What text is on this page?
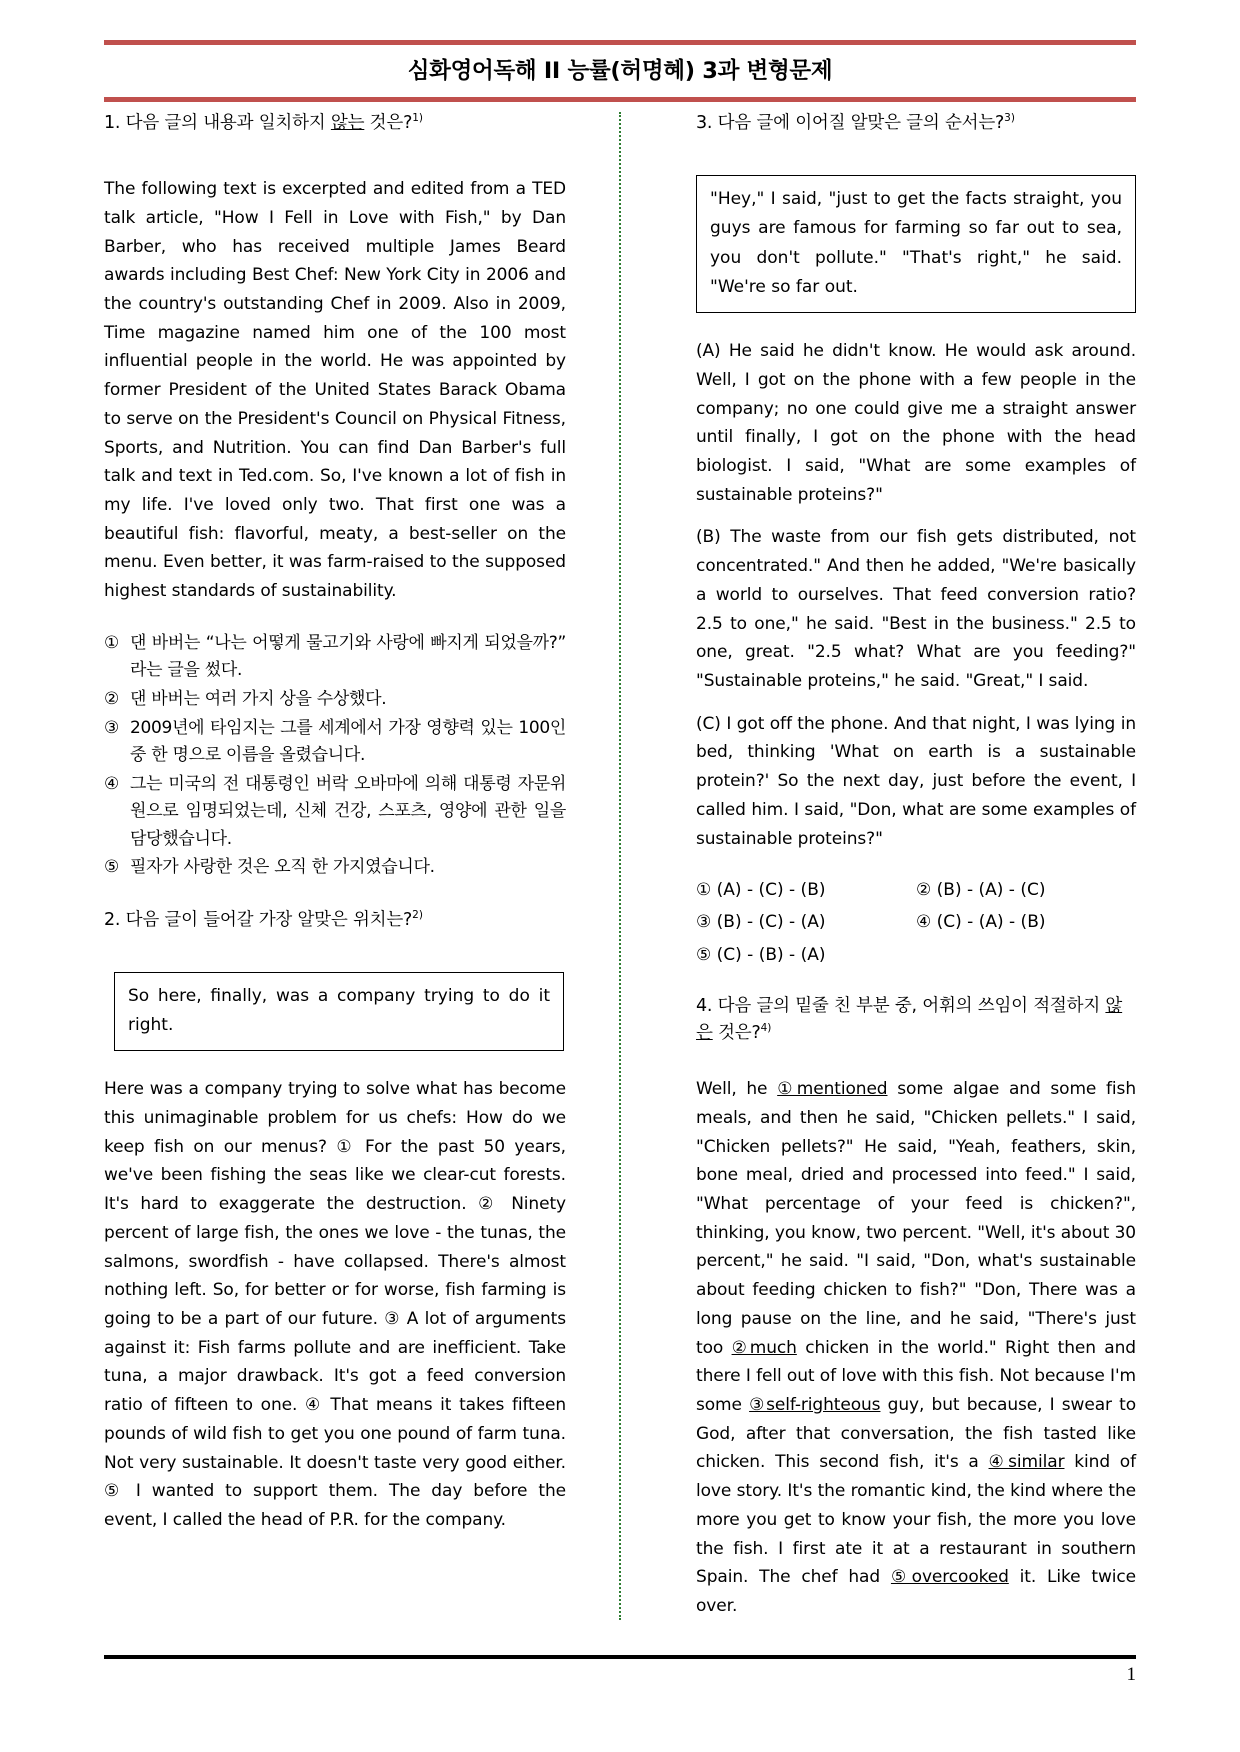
심화영어독해 II 능률(허명혜) 3과 변형문제
1. 다음 글의 내용과 일치하지 않는 것은?$^{1)}$

The following text is excerpted and edited from a TED talk article, "How I Fell in Love with Fish," by Dan Barber, who has received multiple James Beard awards including Best Chef: New York City in 2006 and the country's outstanding Chef in 2009. Also in 2009, Time magazine named him one of the 100 most influential people in the world. He was appointed by former President of the United States Barack Obama to serve on the President's Council on Physical Fitness, Sports, and Nutrition. You can find Dan Barber's full talk and text in Ted.com. So, I've known a lot of fish in my life. I've loved only two. That first one was a beautiful fish: flavorful, meaty, a best-seller on the menu. Even better, it was farm-raised to the supposed highest standards of sustainability.

① 댄 바버는 “나는 어떻게 물고기와 사랑에 빠지게 되었을까?” 라는 글을 썼다.
② 댄 바버는 여러 가지 상을 수상했다.
③ 2009년에 타임지는 그를 세계에서 가장 영향력 있는 100인 중 한 명으로 이름을 올렸습니다.
④ 그는 미국의 전 대통령인 버락 오바마에 의해 대통령 자문위원으로 임명되었는데, 신체 건강, 스포츠, 영양에 관한 일을 담당했습니다.
⑤ 필자가 사랑한 것은 오직 한 가지였습니다.
2. 다음 글이 들어갈 가장 알맞은 위치는?$^{2)}$
So here, finally, was a company trying to do it right.

Here was a company trying to solve what has become this unimaginable problem for us chefs: How do we keep fish on our menus? ① For the past 50 years, we've been fishing the seas like we clear-cut forests. It's hard to exaggerate the destruction. ② Ninety percent of large fish, the ones we love - the tunas, the salmons, swordfish - have collapsed. There's almost nothing left. So, for better or for worse, fish farming is going to be a part of our future. ③ A lot of arguments against it: Fish farms pollute and are inefficient. Take tuna, a major drawback. It's got a feed conversion ratio of fifteen to one. ④ That means it takes fifteen pounds of wild fish to get you one pound of farm tuna. Not very sustainable. It doesn't taste very good either. ⑤ I wanted to support them. The day before the event, I called the head of P.R. for the company.

3. 다음 글에 이어질 알맞은 글의 순서는?$^{3)}$
"Hey," I said, "just to get the facts straight, you guys are famous for farming so far out to sea, you don't pollute." "That's right," he said. "We're so far out.

(A) He said he didn't know. He would ask around. Well, I got on the phone with a few people in the company; no one could give me a straight answer until finally, I got on the phone with the head biologist. I said, "What are some examples of sustainable proteins?"

(B) The waste from our fish gets distributed, not concentrated." And then he added, "We're basically a world to ourselves. That feed conversion ratio? 2.5 to one," he said. "Best in the business." 2.5 to one, great. "2.5 what? What are you feeding?" "Sustainable proteins," he said. "Great," I said.

(C) I got off the phone. And that night, I was lying in bed, thinking 'What on earth is a sustainable protein?' So the next day, just before the event, I called him. I said, "Don, what are some examples of sustainable proteins?"

① (A) - (C) - (B)	② (B) - (A) - (C)
③ (B) - (C) - (A)	④ (C) - (A) - (B)
⑤ (C) - (B) - (A)
4. 다음 글의 밑줄 친 부분 중, 어휘의 쓰임이 적절하지 않은 것은?$^{4)}$

Well, he ①mentioned some algae and some fish meals, and then he said, "Chicken pellets." I said, "Chicken pellets?" He said, "Yeah, feathers, skin, bone meal, dried and processed into feed." I said, "What percentage of your feed is chicken?", thinking, you know, two percent. "Well, it's about 30 percent," he said. "I said, "Don, what's sustainable about feeding chicken to fish?" "Don, There was a long pause on the line, and he said, "There's just too ②much chicken in the world." Right then and there I fell out of love with this fish. Not because I'm some ③self-righteous guy, but because, I swear to God, after that conversation, the fish tasted like chicken. This second fish, it's a ④similar kind of love story. It's the romantic kind, the kind where the more you get to know your fish, the more you love the fish. I first ate it at a restaurant in southern Spain. The chef had ⑤overcooked it. Like twice over.

1
